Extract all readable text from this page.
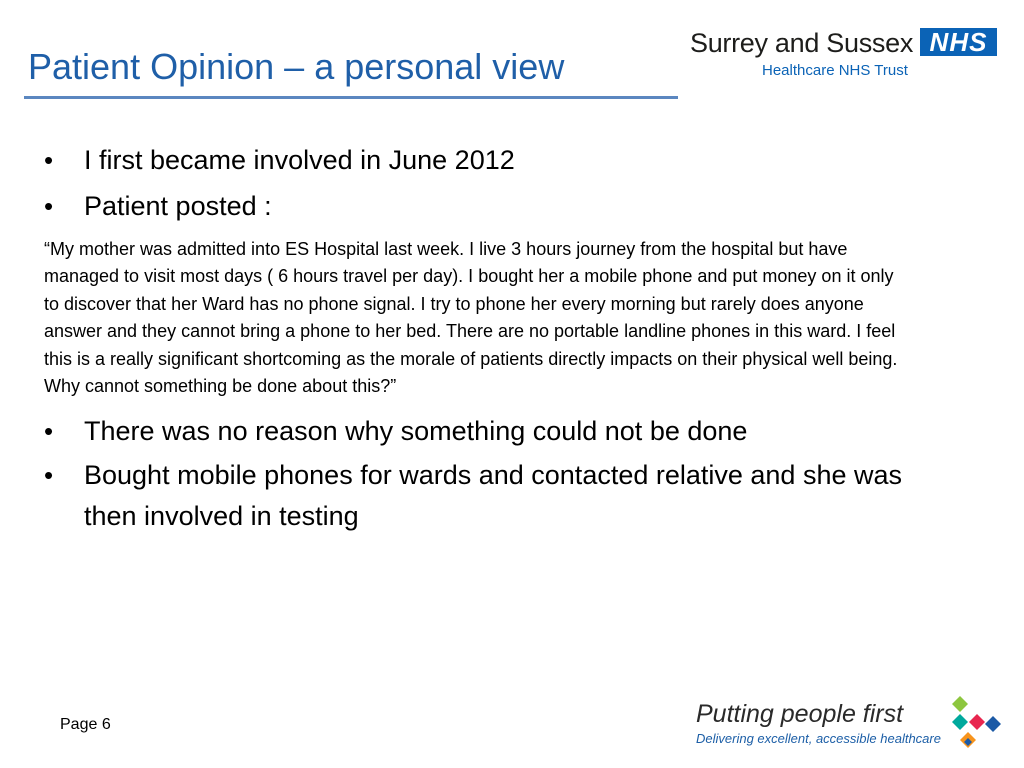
Patient Opinion – a personal view
Surrey and Sussex NHS
Healthcare NHS Trust
• I first became involved in June 2012
• Patient posted :
“My mother was admitted into ES Hospital last week. I live 3 hours journey from the hospital but have managed to visit most days ( 6 hours travel per day). I bought her a mobile phone and put money on it only to discover that her Ward has no phone signal. I try to phone her every morning but rarely does anyone answer and they cannot bring a phone to her bed. There are no portable landline phones in this ward. I feel this is a really significant shortcoming as the morale of patients directly impacts on their physical well being. Why cannot something be done about this?”
• There was no reason why something could not be done
• Bought mobile phones for wards and contacted relative and she was then involved in testing
Page 6	Putting people first
Delivering excellent, accessible healthcare
